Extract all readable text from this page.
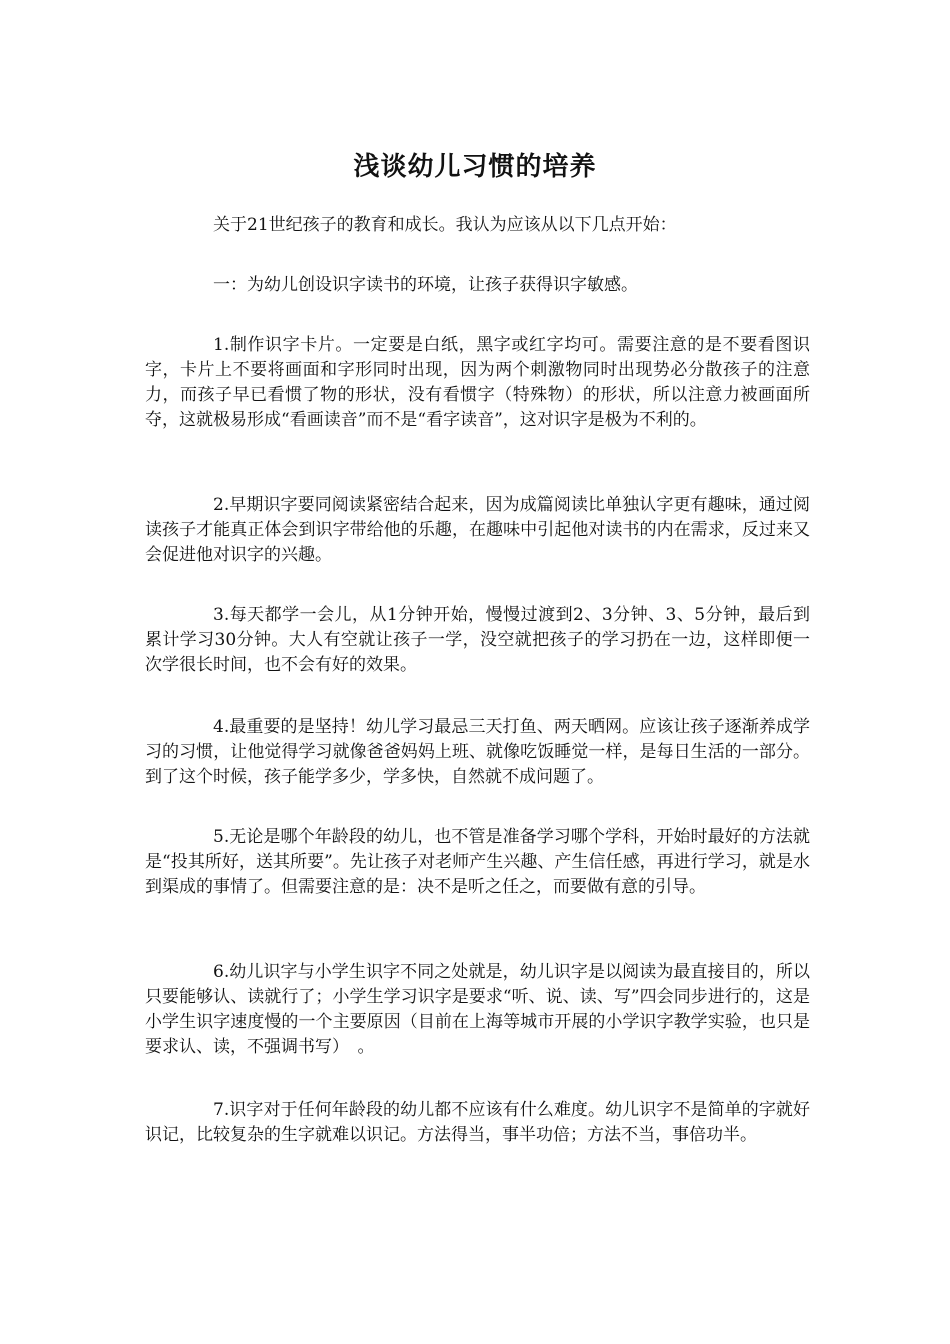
浅谈幼儿习惯的培养

关于21世纪孩子的教育和成长。我认为应该从以下几点开始：

一：为幼儿创设识字读书的环境，让孩子获得识字敏感。

1.制作识字卡片。一定要是白纸，黑字或红字均可。需要注意的是不要看图识字，卡片上不要将画面和字形同时出现，因为两个刺激物同时出现势必分散孩子的注意力，而孩子早已看惯了物的形状，没有看惯字（特殊物）的形状，所以注意力被画面所夺，这就极易形成“看画读音”而不是“看字读音”，这对识字是极为不利的。

2.早期识字要同阅读紧密结合起来，因为成篇阅读比单独认字更有趣味，通过阅读孩子才能真正体会到识字带给他的乐趣，在趣味中引起他对读书的内在需求，反过来又会促进他对识字的兴趣。

3.每天都学一会儿，从1分钟开始，慢慢过渡到2、3分钟、3、5分钟，最后到累计学习30分钟。大人有空就让孩子一学，没空就把孩子的学习扔在一边，这样即便一次学很长时间，也不会有好的效果。

4.最重要的是坚持！幼儿学习最忌三天打鱼、两天晒网。应该让孩子逐渐养成学习的习惯，让他觉得学习就像爸爸妈妈上班、就像吃饭睡觉一样，是每日生活的一部分。到了这个时候，孩子能学多少，学多快，自然就不成问题了。

5.无论是哪个年龄段的幼儿，也不管是准备学习哪个学科，开始时最好的方法就是“投其所好，送其所要”。先让孩子对老师产生兴趣、产生信任感，再进行学习，就是水到渠成的事情了。但需要注意的是：决不是听之任之，而要做有意的引导。

6.幼儿识字与小学生识字不同之处就是，幼儿识字是以阅读为最直接目的，所以只要能够认、读就行了；小学生学习识字是要求“听、说、读、写”四会同步进行的，这是小学生识字速度慢的一个主要原因（目前在上海等城市开展的小学识字教学实验，也只是要求认、读，不强调书写）　。

7.识字对于任何年龄段的幼儿都不应该有什么难度。幼儿识字不是简单的字就好识记，比较复杂的生字就难以识记。方法得当，事半功倍；方法不当，事倍功半。
